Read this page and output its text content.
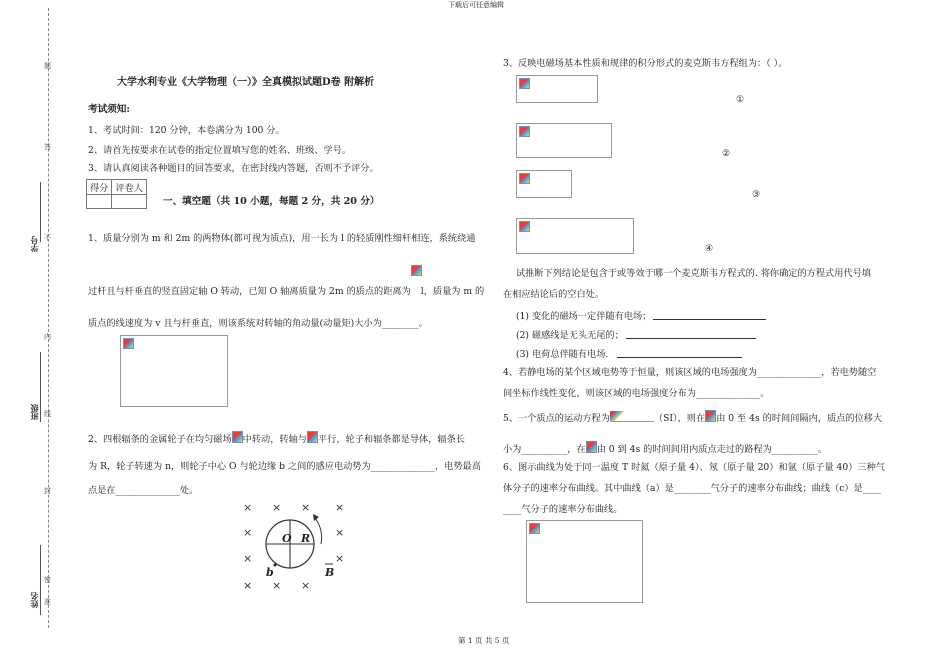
下载后可任意编辑
第 1 页 共 5 页
学号
班级
姓名
密
封
线
内
不
准
答
题
大学水利专业《大学物理（一）》全真模拟试题D卷 附解析
考试须知:
1、考试时间：120 分钟，本卷满分为 100 分。
2、请首先按要求在试卷的指定位置填写您的姓名、班级、学号。
3、请认真阅读各种题目的回答要求，在密封线内答题，否则不予评分。
得分	评卷人

一、填空题（共 10 小题，每题 2 分，共 20 分）
1、质量分别为 m 和 2m 的两物体(都可视为质点)，用一长为 l 的轻质刚性细杆相连，系统绕通
过杆且与杆垂直的竖直固定轴 O 转动，已知 O 轴离质量为 2m 的质点的距离为 l，质量为 m 的
质点的线速度为 v 且与杆垂直，则该系统对转轴的角动量(动量矩)大小为________。
2、四根辐条的金属轮子在均匀磁场 中转动，转轴与 平行，轮子和辐条都是导体，辐条长
为 R，轮子转速为 n，则轮子中心 O 与轮边缘 b 之间的感应电动势为______________，电势最高
点是在______________处。
× × × ×
×	×
×	×
× × ×
O R
b	B
3、反映电磁场基本性质和规律的积分形式的麦克斯韦方程组为：（ ）。
①
②
③
④
试推断下列结论是包含于或等效于哪一个麦克斯韦方程式的. 将你确定的方程式用代号填
在相应结论后的空白处。
(1) 变化的磁场一定伴随有电场；
(2) 磁感线是无头无尾的；
(3) 电荷总伴随有电场．
4、若静电场的某个区域电势等于恒量，则该区域的电场强度为______________，若电势随空
间坐标作线性变化，则该区域的电场强度分布为______________。
5、一个质点的运动方程为	（SI），则在 由 0 至 4s 的时间间隔内，质点的位移大
小为__________，在 由 0 到 4s 的时间间用内质点走过的路程为__________。
6、图示曲线为处于同一温度 T 时氦（原子量 4）、氖（原子量 20）和氩（原子量 40）三种气
体分子的速率分布曲线。其中曲线（a）是________气分子的速率分布曲线；曲线（c）是____
____气分子的速率分布曲线。
